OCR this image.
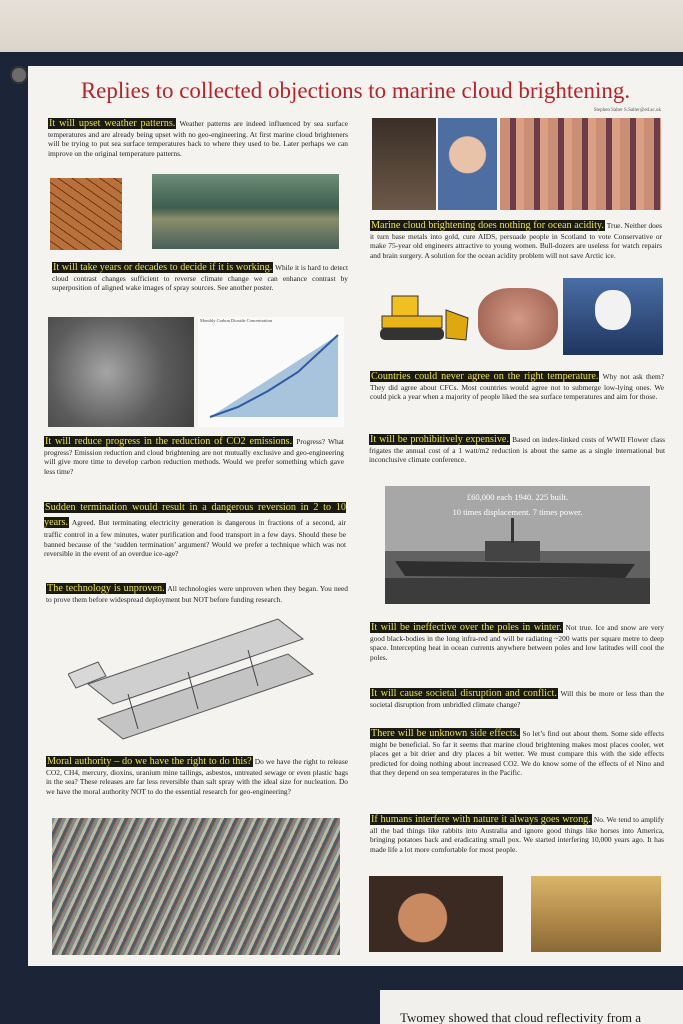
Replies to collected objections to marine cloud brightening.
Stephen Salter S.Salter@ed.ac.uk
It will upset weather patterns. Weather patterns are indeed influenced by sea surface temperatures and are already being upset with no geo-engineering. At first marine cloud brighteners will be trying to put sea surface temperatures back to where they used to be. Later perhaps we can improve on the original temperature patterns.
It will take years or decades to decide if it is working. While it is hard to detect cloud contrast changes sufficient to reverse climate change we can enhance contrast by superposition of aligned wake images of spray sources. See another poster.
Monthly Carbon Dioxide Concentration
It will reduce progress in the reduction of CO2 emissions. Progress? What progress? Emission reduction and cloud brightening are not mutually exclusive and geo-engineering will give more time to develop carbon reduction methods. Would we prefer something which gave less time?
Sudden termination would result in a dangerous reversion in 2 to 10 years. Agreed. But terminating electricity generation is dangerous in fractions of a second, air traffic control in a few minutes, water purification and food transport in a few days. Should these be banned because of the ‘sudden termination’ argument? Would we prefer a technique which was not reversible in the event of an overdue ice-age?
The technology is unproven. All technologies were unproven when they began. You need to prove them before widespread deployment but NOT before funding research.
Moral authority – do we have the right to do this? Do we have the right to release CO2, CH4, mercury, dioxins, uranium mine tailings, asbestos, untreated sewage or even plastic bags in the sea? These releases are far less reversible than salt spray with the ideal size for nucleation. Do we have the moral authority NOT to do the essential research for geo-engineering?
Marine cloud brightening does nothing for ocean acidity. True. Neither does it turn base metals into gold, cure AIDS, persuade people in Scotland to vote Conservative or make 75-year old engineers attractive to young women. Bull-dozers are useless for watch repairs and brain surgery. A solution for the ocean acidity problem will not save Arctic ice.
Countries could never agree on the right temperature. Why not ask them? They did agree about CFCs. Most countries would agree not to submerge low-lying ones. We could pick a year when a majority of people liked the sea surface temperatures and aim for those.
It will be prohibitively expensive. Based on index-linked costs of WWII Flower class frigates the annual cost of a 1 watt/m2 reduction is about the same as a single international but inconclusive climate conference.
£60,000 each 1940. 225 built.
10 times displacement. 7 times power.
It will be ineffective over the poles in winter. Not true. Ice and snow are very good black-bodies in the long infra-red and will be radiating ~200 watts per square metre to deep space. Intercepting heat in ocean currents anywhere between poles and low latitudes will cool the poles.
It will cause societal disruption and conflict. Will this be more or less than the societal disruption from unbridled climate change?
There will be unknown side effects. So let’s find out about them. Some side effects might be beneficial. So far it seems that marine cloud brightening makes most places cooler, wet places get a bit drier and dry places a bit wetter. We must compare this with the side effects predicted for doing nothing about increased CO2. We do know some of the effects of el Nino and that they depend on sea temperatures in the Pacific.
If humans interfere with nature it always goes wrong. No. We tend to amplify all the bad things like rabbits into Australia and ignore good things like horses into America, bringing potatoes back and eradicating small pox. We started interfering 10,000 years ago. It has made life a lot more comfortable for most people.
Twomey showed that cloud reflectivity from a
